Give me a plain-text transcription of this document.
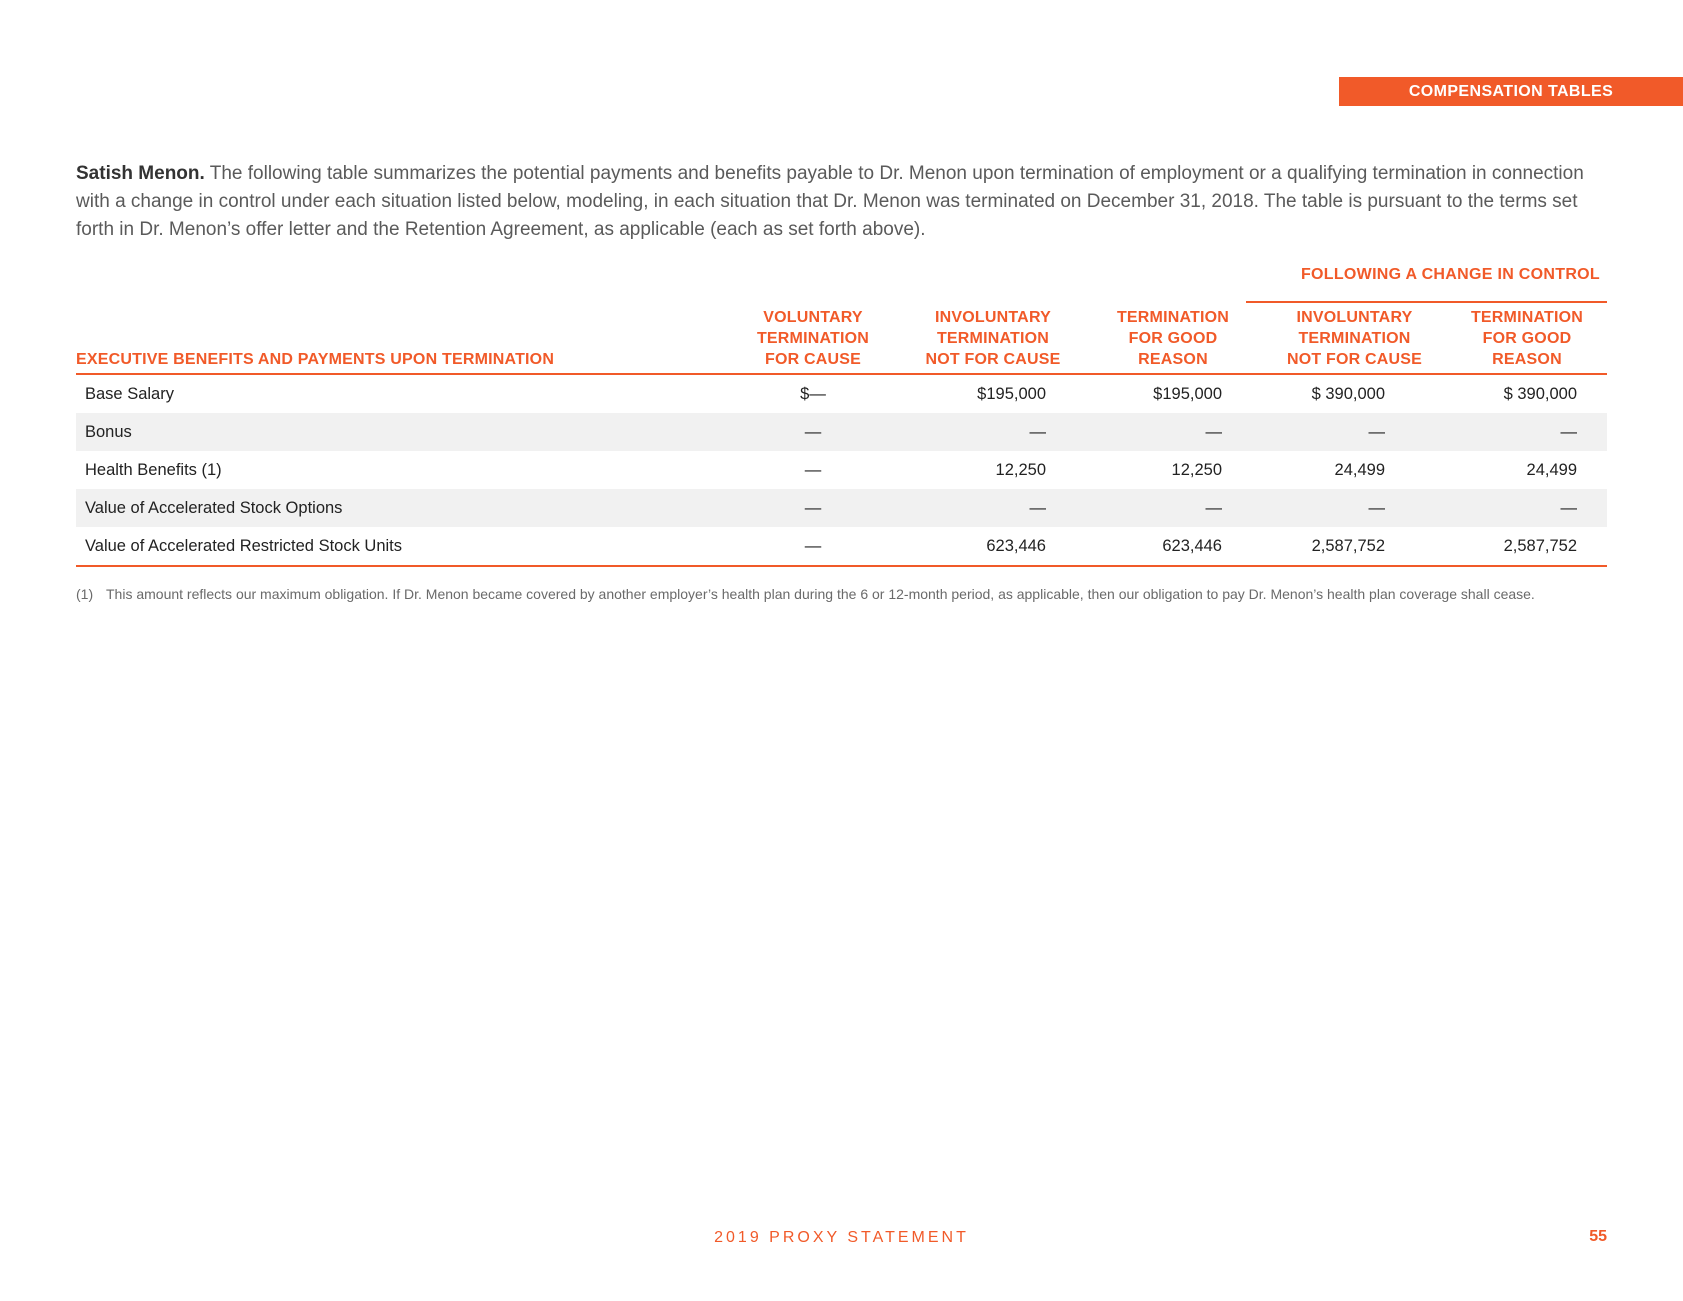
COMPENSATION TABLES
Satish Menon. The following table summarizes the potential payments and benefits payable to Dr. Menon upon termination of employment or a qualifying termination in connection with a change in control under each situation listed below, modeling, in each situation that Dr. Menon was terminated on December 31, 2018. The table is pursuant to the terms set forth in Dr. Menon’s offer letter and the Retention Agreement, as applicable (each as set forth above).
FOLLOWING A CHANGE IN CONTROL
EXECUTIVE BENEFITS AND PAYMENTS UPON TERMINATION
VOLUNTARY
TERMINATION
FOR CAUSE
INVOLUNTARY
TERMINATION
NOT FOR CAUSE
TERMINATION
FOR GOOD
REASON
INVOLUNTARY
TERMINATION
NOT FOR CAUSE
TERMINATION
FOR GOOD
REASON
Base Salary	$—	$195,000	$195,000	$ 390,000	$ 390,000
Bonus	—	—	—	—	—
Health Benefits (1)	—	12,250	12,250	24,499	24,499
Value of Accelerated Stock Options	—	—	—	—	—
Value of Accelerated Restricted Stock Units	—	623,446	623,446	2,587,752	2,587,752
(1) This amount reflects our maximum obligation. If Dr. Menon became covered by another employer’s health plan during the 6 or 12-month period, as applicable, then our obligation to pay Dr. Menon’s health plan coverage shall cease.
2019 PROXY STATEMENT	55
